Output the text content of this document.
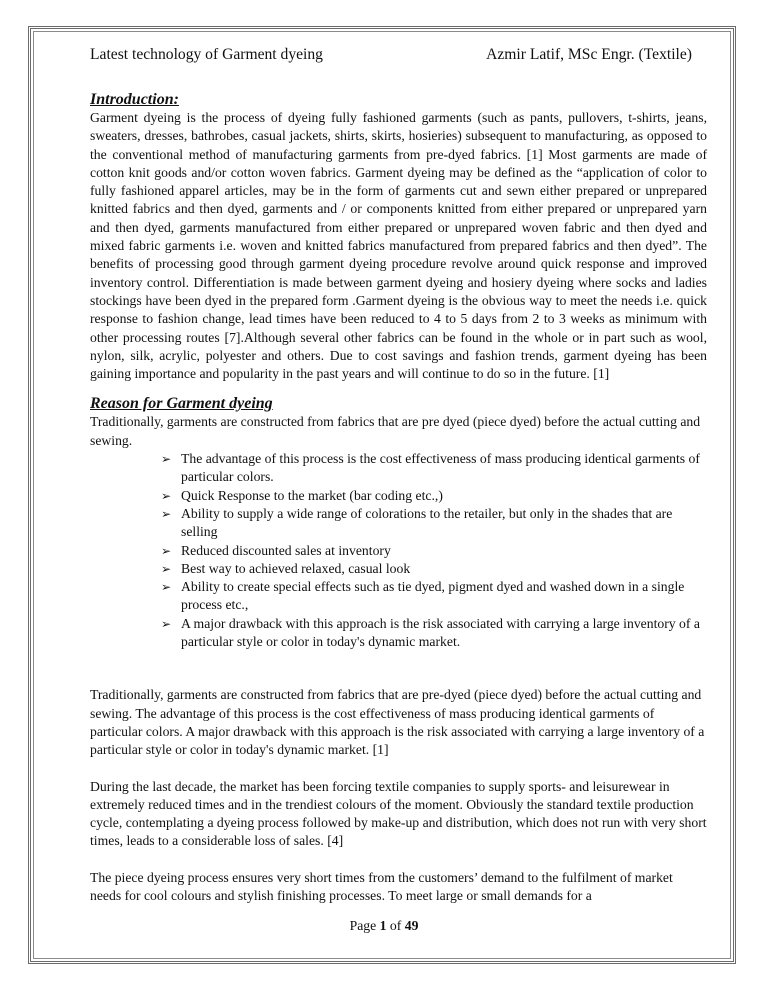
Latest technology of Garment dyeing	Azmir Latif, MSc Engr. (Textile)
Introduction:

Garment dyeing is the process of dyeing fully fashioned garments (such as pants, pullovers, t-shirts, jeans, sweaters, dresses, bathrobes, casual jackets, shirts, skirts, hosieries) subsequent to manufacturing, as opposed to the conventional method of manufacturing garments from pre-dyed fabrics. [1] Most garments are made of cotton knit goods and/or cotton woven fabrics. Garment dyeing may be defined as the “application of color to fully fashioned apparel articles, may be in the form of garments cut and sewn either prepared or unprepared knitted fabrics and then dyed, garments and / or components knitted from either prepared or unprepared yarn and then dyed, garments manufactured from either prepared or unprepared woven fabric and then dyed and mixed fabric garments i.e. woven and knitted fabrics manufactured from prepared fabrics and then dyed”. The benefits of processing good through garment dyeing procedure revolve around quick response and improved inventory control. Differentiation is made between garment dyeing and hosiery dyeing where socks and ladies stockings have been dyed in the prepared form .Garment dyeing is the obvious way to meet the needs i.e. quick response to fashion change, lead times have been reduced to 4 to 5 days from 2 to 3 weeks as minimum with other processing routes [7].Although several other fabrics can be found in the whole or in part such as wool, nylon, silk, acrylic, polyester and others. Due to cost savings and fashion trends, garment dyeing has been gaining importance and popularity in the past years and will continue to do so in the future. [1]

Reason for Garment dyeing

Traditionally, garments are constructed from fabrics that are pre dyed (piece dyed) before the actual cutting and sewing.

➢ The advantage of this process is the cost effectiveness of mass producing identical garments of particular colors.
➢ Quick Response to the market (bar coding etc.,)
➢ Ability to supply a wide range of colorations to the retailer, but only in the shades that are selling
➢ Reduced discounted sales at inventory
➢ Best way to achieved relaxed, casual look
➢ Ability to create special effects such as tie dyed, pigment dyed and washed down in a single process etc.,
➢ A major drawback with this approach is the risk associated with carrying a large inventory of a particular style or color in today's dynamic market.

Traditionally, garments are constructed from fabrics that are pre-dyed (piece dyed) before the actual cutting and sewing. The advantage of this process is the cost effectiveness of mass producing identical garments of particular colors. A major drawback with this approach is the risk associated with carrying a large inventory of a particular style or color in today's dynamic market. [1]

During the last decade, the market has been forcing textile companies to supply sports- and leisurewear in extremely reduced times and in the trendiest colours of the moment. Obviously the standard textile production cycle, contemplating a dyeing process followed by make-up and distribution, which does not run with very short times, leads to a considerable loss of sales. [4]

The piece dyeing process ensures very short times from the customers’ demand to the fulfilment of market needs for cool colours and stylish finishing processes. To meet large or small demands for a

Page 1 of 49
